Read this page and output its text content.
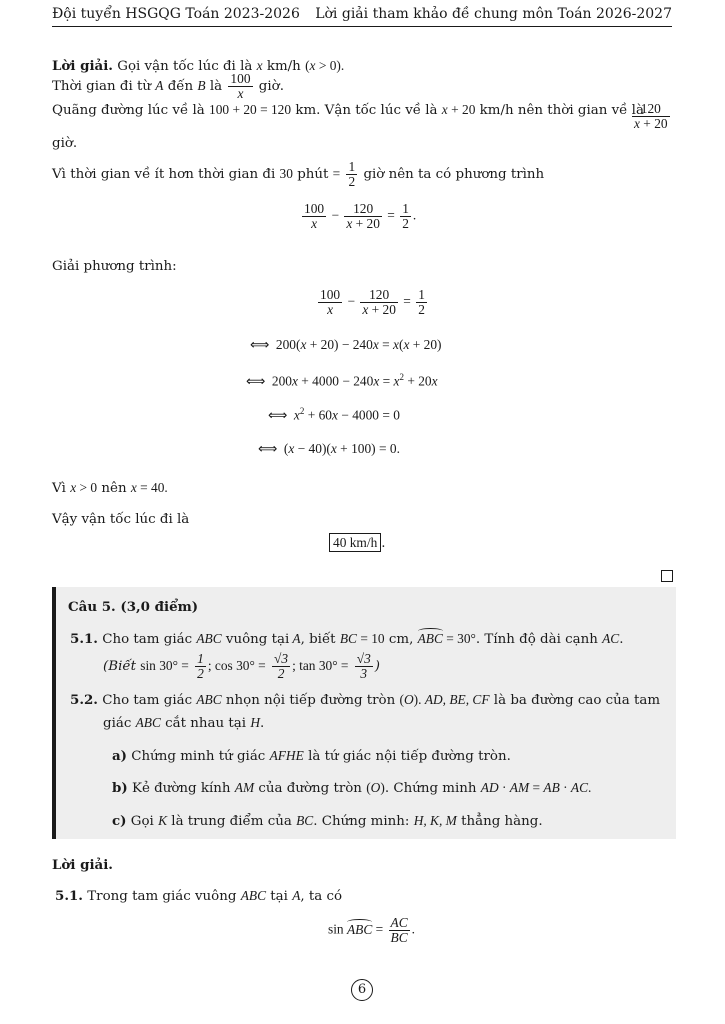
Đội tuyển HSGQG Toán 2023-2026 Lời giải tham khảo đề chung môn Toán 2026-2027
Lời giải. Gọi vận tốc lúc đi là x km/h (x > 0).
Thời gian đi từ A đến B là $\frac{100}{x}$ giờ.
Quãng đường lúc về là 100 + 20 = 120 km. Vận tốc lúc về là x + 20 km/h nên thời gian về là
$\frac{120}{x + 20}$
giờ.
Vì thời gian về ít hơn thời gian đi 30 phút = $\frac{1}{2}$ giờ nên ta có phương trình
$\frac{100}{x} - \frac{120}{x + 20} = \frac{1}{2}$ .
Giải phương trình:
$\frac{100}{x} - \frac{120}{x + 20} = \frac{1}{2}$
⟺  200(x + 20) − 240x = x(x + 20)
⟺  $200x + 4000 - 240x = x^2 + 20x$
⟺  $x^2 + 60x - 4000 = 0$
⟺  (x − 40)(x + 100) = 0.
Vì x > 0 nên x = 40.
Vậy vận tốc lúc đi là
40 km/h .
Câu 5. (3,0 điểm)
5.1. Cho tam giác ABC vuông tại A, biết BC = 10 cm, ABC = 30°. Tính độ dài cạnh AC.
(Biết $\sin 30^\circ = \frac{1}{2}$ ; $\cos 30^\circ = \frac{√3}{2}$ ; $\tan 30^\circ = \frac{√3}{3}$ )
5.2. Cho tam giác ABC nhọn nội tiếp đường tròn (O). AD, BE, CF là ba đường cao của tam
giác ABC cắt nhau tại H.
a) Chứng minh tứ giác AFHE là tứ giác nội tiếp đường tròn.
b) Kẻ đường kính AM của đường tròn (O). Chứng minh AD · AM = AB · AC.
c) Gọi K là trung điểm của BC. Chứng minh: H, K, M thẳng hàng.
Lời giải.
5.1. Trong tam giác vuông ABC tại A, ta có
sin ABC = $\frac{AC}{BC}$ .
6
